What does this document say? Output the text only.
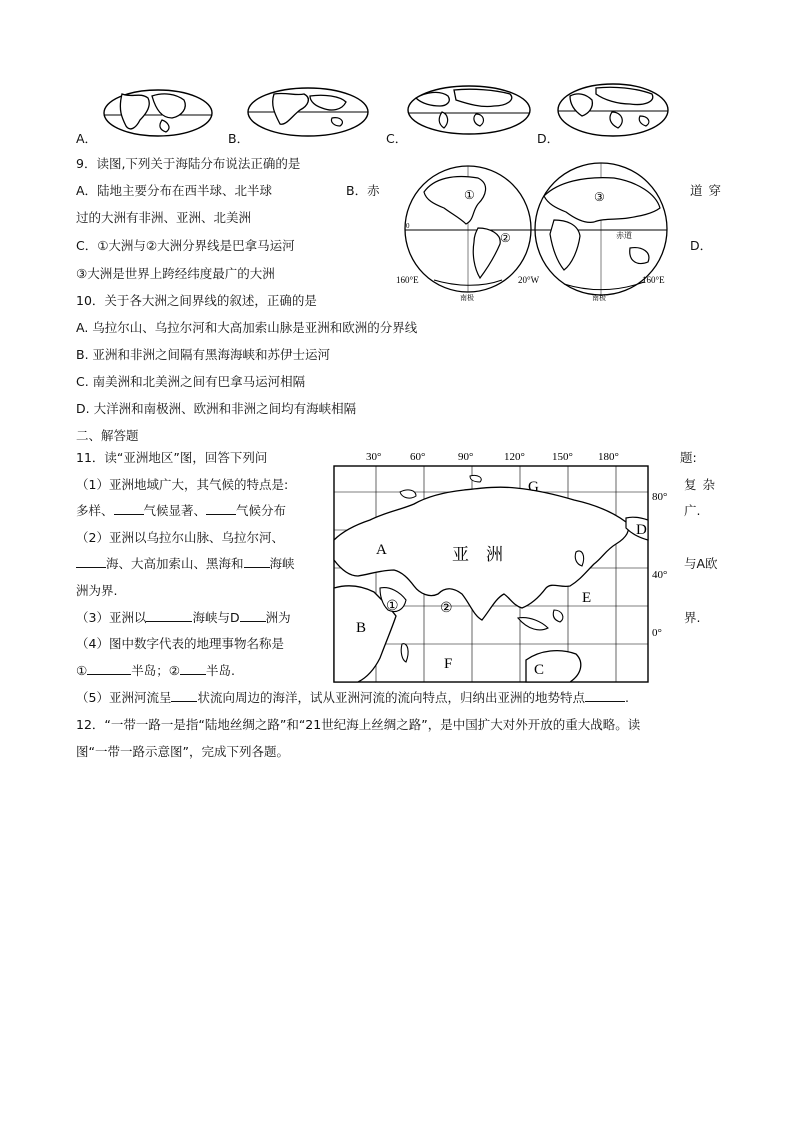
A．	B．	C．	D．
9．读图,下列关于海陆分布说法正确的是
A．陆地主要分布在西半球、北半球	B．赤	道穿
过的大洲有非洲、亚洲、北美洲
C．①大洲与②大洲分界线是巴拿马运河	D．
③大洲是世界上跨经纬度最广的大洲
①
②
③
0
赤道
160°E	20°W	160°E
南极	南极
10．关于各大洲之间界线的叙述，正确的是
A. 乌拉尔山、乌拉尔河和大高加索山脉是亚洲和欧洲的分界线
B. 亚洲和非洲之间隔有黑海海峡和苏伊士运河
C. 南美洲和北美洲之间有巴拿马运河相隔
D. 大洋洲和南极洲、欧洲和非洲之间均有海峡相隔
二、解答题
11．读“亚洲地区”图，回答下列问	题:
（1）亚洲地域广大，其气候的特点是:	复杂
多样、 气候显著、 气候分布	广.
（2）亚洲以乌拉尔山脉、乌拉尔河、
海、大高加索山、黑海和 海峡	与A欧
洲为界.
（3）亚洲以	海峡与D 洲为	界.
（4）图中数字代表的地理事物名称是
①	半岛；② 半岛.
（5）亚洲河流呈 状流向周边的海洋，试从亚洲河流的流向特点，归纳出亚洲的地势特点	.
30°	60°	90°	120° 150° 180°
80°
40°
0°
A
B
C
D
E
F
G
亚　洲
①	②
12．“一带一路一是指“陆地丝绸之路”和“21世纪海上丝绸之路”，是中国扩大对外开放的重大战略。读
图“一带一路示意图”，完成下列各题。
